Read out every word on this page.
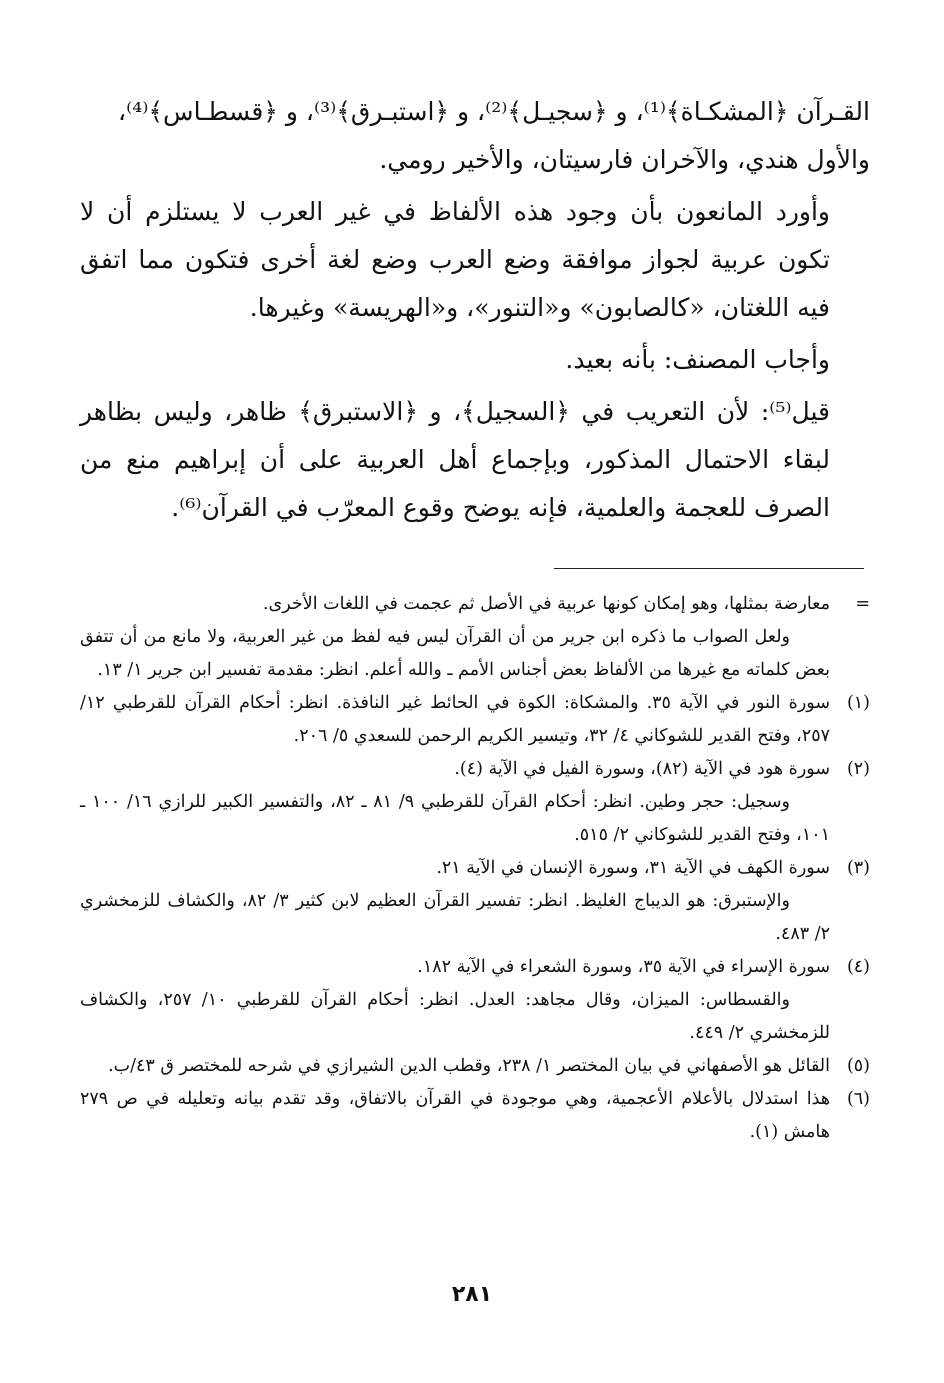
القـرآن ﴿المشكـاة﴾⁽¹⁾، و ﴿سجيـل﴾⁽²⁾، و ﴿استبـرق﴾⁽³⁾، و ﴿قسطـاس﴾⁽⁴⁾،

والأول هندي، والآخران فارسيتان، والأخير رومي.

وأورد المانعون بأن وجود هذه الألفاظ في غير العرب لا يستلزم أن لا تكون عربية لجواز موافقة وضع العرب وضع لغة أخرى فتكون مما اتفق فيه اللغتان، «كالصابون» و«التنور»، و«الهريسة» وغيرها.

وأجاب المصنف: بأنه بعيد.

قيل⁽⁵⁾: لأن التعريب في ﴿السجيل﴾، و ﴿الاستبرق﴾ ظاهر، وليس بظاهر لبقاء الاحتمال المذكور، وبإجماع أهل العربية على أن إبراهيم منع من الصرف للعجمة والعلمية، فإنه يوضح وقوع المعرّب في القرآن⁽⁶⁾.

=
معارضة بمثلها، وهو إمكان كونها عربية في الأصل ثم عجمت في اللغات الأخرى.

ولعل الصواب ما ذكره ابن جرير من أن القرآن ليس فيه لفظ من غير العربية، ولا مانع من أن تتفق بعض كلماته مع غيرها من الألفاظ بعض أجناس الأمم ـ والله أعلم. انظر: مقدمة تفسير ابن جرير ١/ ١٣.

(١)
سورة النور في الآية ٣٥. والمشكاة: الكوة في الحائط غير النافذة. انظر: أحكام القرآن للقرطبي ١٢/ ٢٥٧، وفتح القدير للشوكاني ٤/ ٣٢، وتيسير الكريم الرحمن للسعدي ٥/ ٢٠٦.
(٢)
سورة هود في الآية (٨٢)، وسورة الفيل في الآية (٤).

وسجيل: حجر وطين. انظر: أحكام القرآن للقرطبي ٩/ ٨١ ـ ٨٢، والتفسير الكبير للرازي ١٦/ ١٠٠ ـ ١٠١، وفتح القدير للشوكاني ٢/ ٥١٥.

(٣)
سورة الكهف في الآية ٣١، وسورة الإنسان في الآية ٢١.

والإستبرق: هو الديباج الغليظ. انظر: تفسير القرآن العظيم لابن كثير ٣/ ٨٢، والكشاف للزمخشري ٢/ ٤٨٣.

(٤)
سورة الإسراء في الآية ٣٥، وسورة الشعراء في الآية ١٨٢.

والقسطاس: الميزان، وقال مجاهد: العدل. انظر: أحكام القرآن للقرطبي ١٠/ ٢٥٧، والكشاف للزمخشري ٢/ ٤٤٩.

(٥)
القائل هو الأصفهاني في بيان المختصر ١/ ٢٣٨، وقطب الدين الشيرازي في شرحه للمختصر ق ٤٣/ب.
(٦)
هذا استدلال بالأعلام الأعجمية، وهي موجودة في القرآن بالاتفاق، وقد تقدم بيانه وتعليله في ص ٢٧٩ هامش (١).
٢٨١
